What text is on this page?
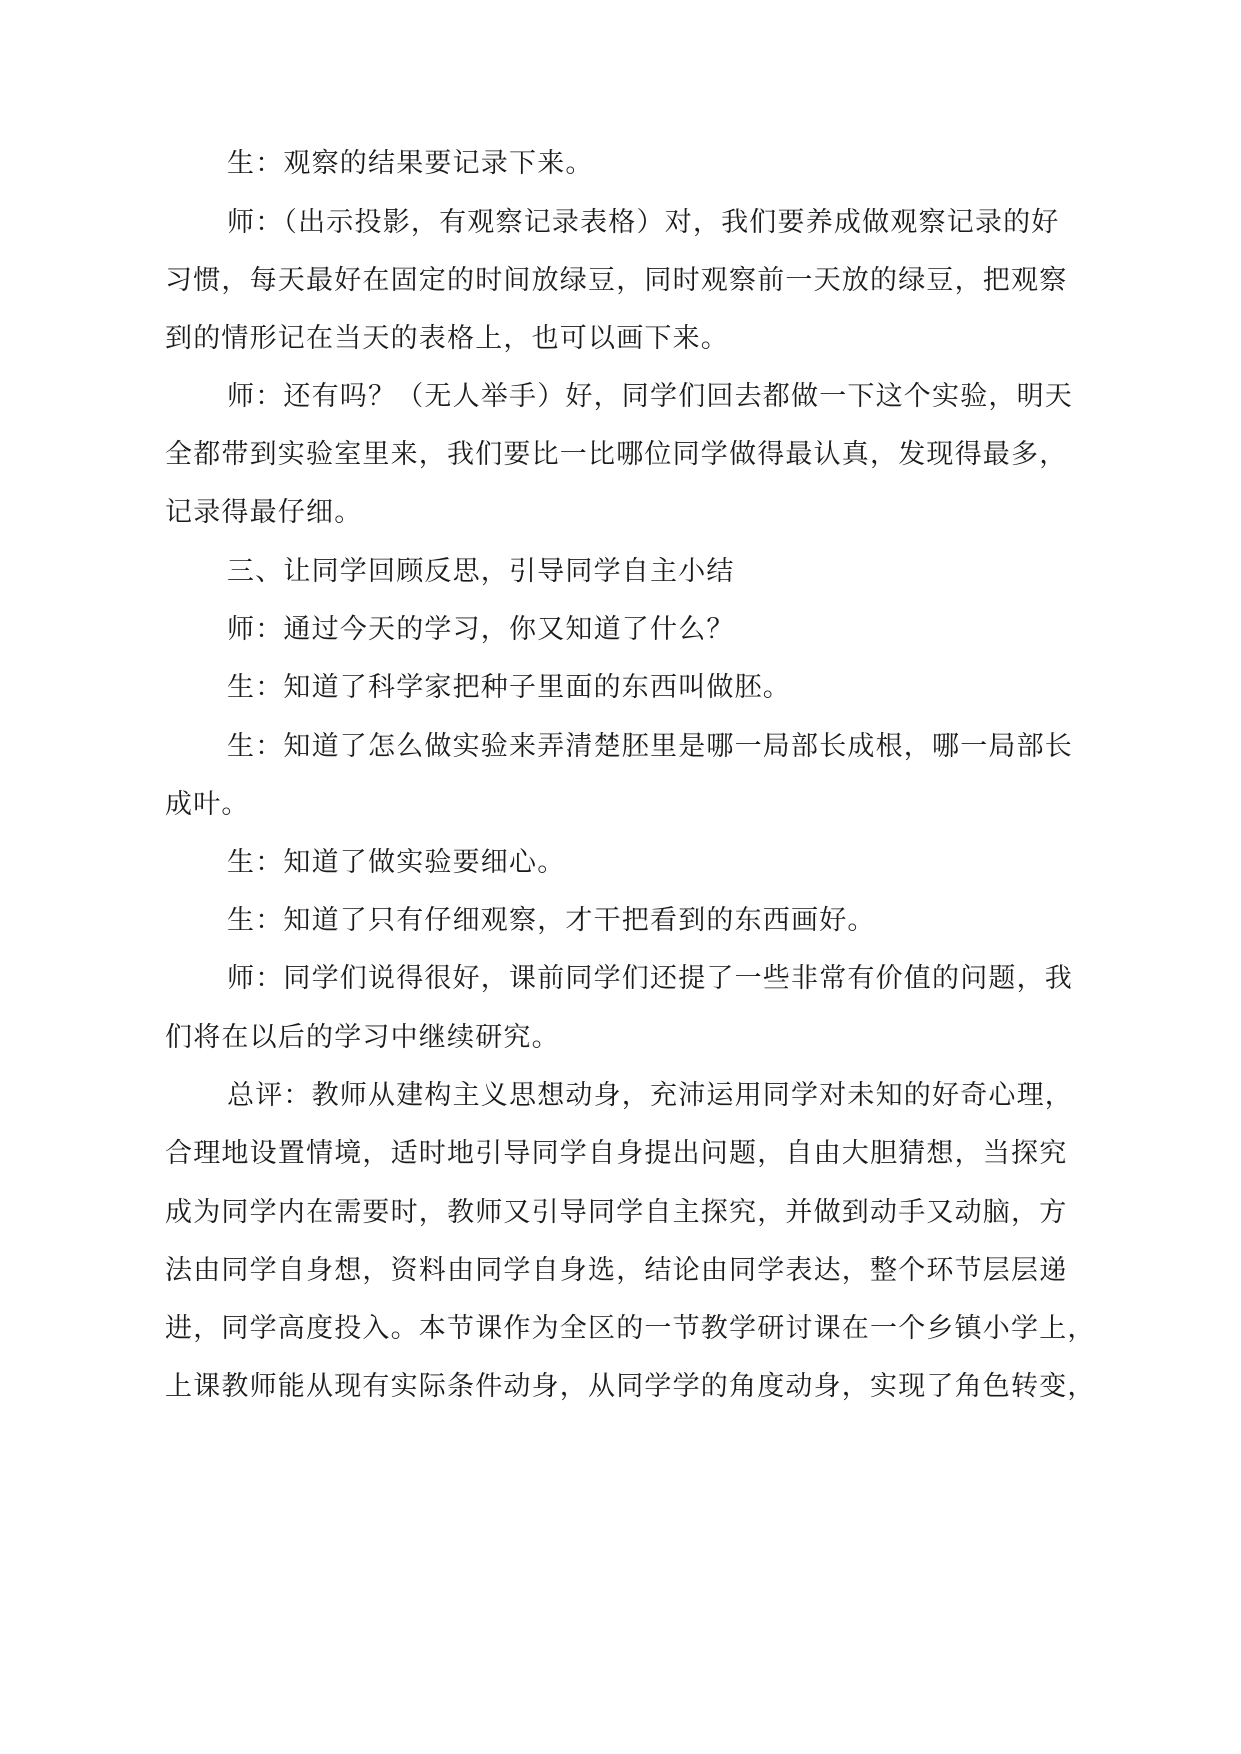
生：观察的结果要记录下来。
师：（出示投影，有观察记录表格）对，我们要养成做观察记录的好
习惯，每天最好在固定的时间放绿豆，同时观察前一天放的绿豆，把观察
到的情形记在当天的表格上，也可以画下来。
师：还有吗？（无人举手）好，同学们回去都做一下这个实验，明天
全都带到实验室里来，我们要比一比哪位同学做得最认真，发现得最多，
记录得最仔细。
三、让同学回顾反思，引导同学自主小结
师：通过今天的学习，你又知道了什么？
生：知道了科学家把种子里面的东西叫做胚。
生：知道了怎么做实验来弄清楚胚里是哪一局部长成根，哪一局部长
成叶。
生：知道了做实验要细心。
生：知道了只有仔细观察，才干把看到的东西画好。
师：同学们说得很好，课前同学们还提了一些非常有价值的问题，我
们将在以后的学习中继续研究。
总评：教师从建构主义思想动身，充沛运用同学对未知的好奇心理，
合理地设置情境，适时地引导同学自身提出问题，自由大胆猜想，当探究
成为同学内在需要时，教师又引导同学自主探究，并做到动手又动脑，方
法由同学自身想，资料由同学自身选，结论由同学表达，整个环节层层递
进，同学高度投入。本节课作为全区的一节教学研讨课在一个乡镇小学上，
上课教师能从现有实际条件动身，从同学学的角度动身，实现了角色转变，
